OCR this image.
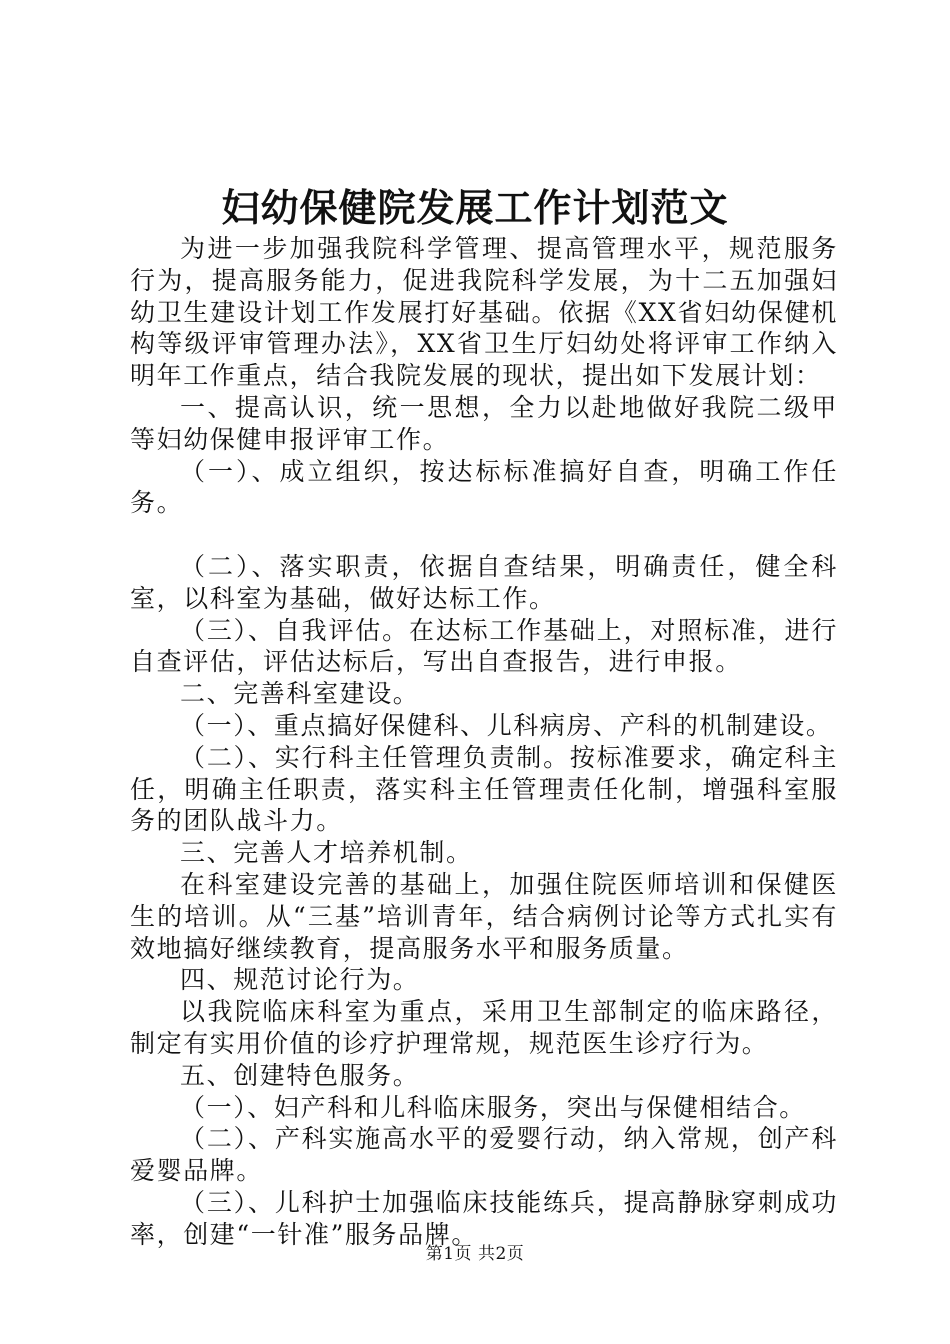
妇幼保健院发展工作计划范文

为进一步加强我院科学管理、提高管理水平，规范服务行为，提高服务能力，促进我院科学发展，为十二五加强妇幼卫生建设计划工作发展打好基础。依据《XX省妇幼保健机构等级评审管理办法》，XX省卫生厅妇幼处将评审工作纳入明年工作重点，结合我院发展的现状，提出如下发展计划：

一、提高认识，统一思想，全力以赴地做好我院二级甲等妇幼保健申报评审工作。

（一）、成立组织，按达标标准搞好自查，明确工作任务。

（二）、落实职责，依据自查结果，明确责任，健全科室，以科室为基础，做好达标工作。

（三）、自我评估。在达标工作基础上，对照标准，进行自查评估，评估达标后，写出自查报告，进行申报。

二、完善科室建设。

（一）、重点搞好保健科、儿科病房、产科的机制建设。

（二）、实行科主任管理负责制。按标准要求，确定科主任，明确主任职责，落实科主任管理责任化制，增强科室服务的团队战斗力。

三、完善人才培养机制。

在科室建设完善的基础上，加强住院医师培训和保健医生的培训。从“三基”培训青年，结合病例讨论等方式扎实有效地搞好继续教育，提高服务水平和服务质量。

四、规范讨论行为。

以我院临床科室为重点，采用卫生部制定的临床路径，制定有实用价值的诊疗护理常规，规范医生诊疗行为。

五、创建特色服务。

（一）、妇产科和儿科临床服务，突出与保健相结合。

（二）、产科实施高水平的爱婴行动，纳入常规，创产科爱婴品牌。

（三）、儿科护士加强临床技能练兵，提高静脉穿刺成功率，创建“一针准”服务品牌。

第1页 共2页
